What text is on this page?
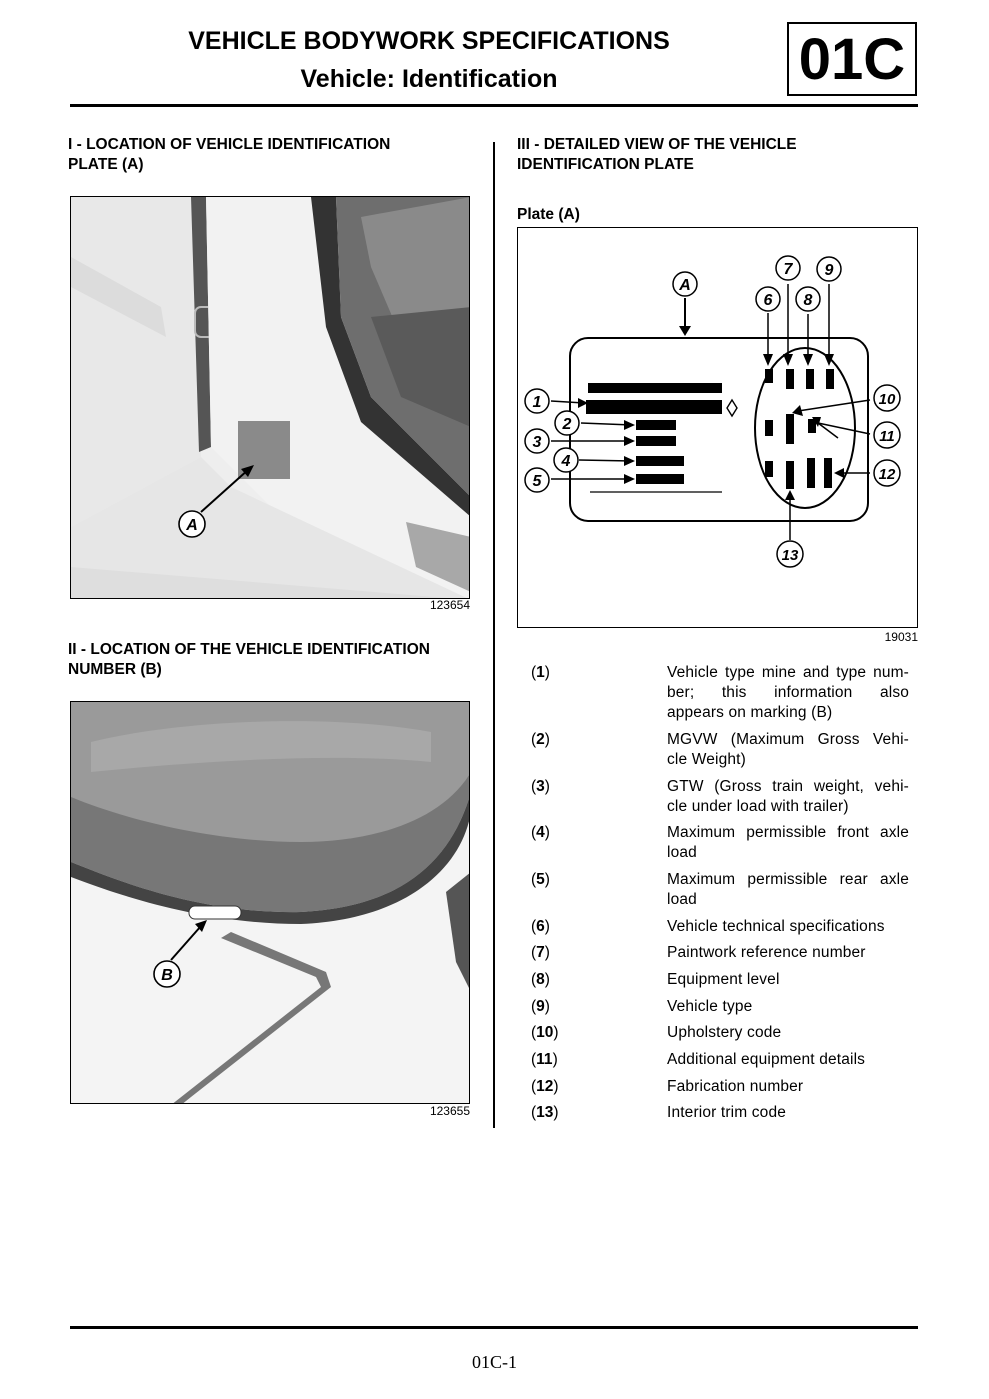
VEHICLE BODYWORK SPECIFICATIONS
Vehicle: Identification	01C
I - LOCATION OF VEHICLE IDENTIFICATION
PLATE (A)
A
123654
II - LOCATION OF THE VEHICLE IDENTIFICATION
NUMBER (B)
B
123655
III - DETAILED VIEW OF THE VEHICLE
IDENTIFICATION PLATE
Plate (A)
A
1
2
3
4
5
6
7
8
9
10
11
12
13
19031
(1)	Vehicle type mine and type num-
ber; this information also
appears on marking (B)
(2)	MGVW (Maximum Gross Vehi-
cle Weight)
(3)	GTW (Gross train weight, vehi-
cle under load with trailer)
(4)	Maximum permissible front axle
load
(5)	Maximum permissible rear axle
load
(6)	Vehicle technical specifications
(7)	Paintwork reference number
(8)	Equipment level
(9)	Vehicle type
(10)	Upholstery code
(11)	Additional equipment details
(12)	Fabrication number
(13)	Interior trim code
01C-1
